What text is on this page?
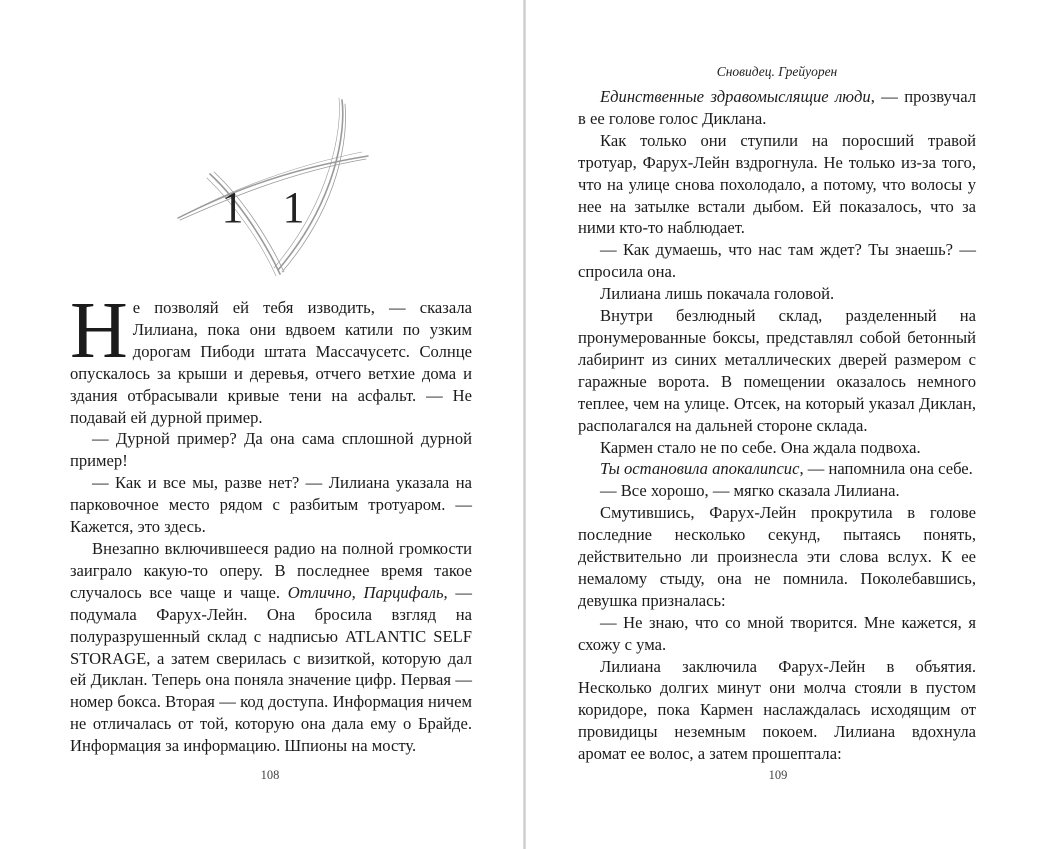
1 1

Не позволяй ей тебя изводить, — сказала Лилиана, пока они вдвоем катили по узким дорогам Пибоди штата Массачусетс. Солнце опускалось за крыши и деревья, отчего ветхие дома и здания отбрасывали кривые тени на асфальт. — Не подавай ей дурной пример.

— Дурной пример? Да она сама сплошной дурной пример!

— Как и все мы, разве нет? — Лилиана указала на парковочное место рядом с разбитым тротуаром. — Кажется, это здесь.

Внезапно включившееся радио на полной громкости заиграло какую-то оперу. В последнее время такое случалось все чаще и чаще. Отлично, Парцифаль, — подумала Фарух-Лейн. Она бросила взгляд на полуразрушенный склад с надписью ATLANTIC SELF STORAGE, а затем сверилась с визиткой, которую дал ей Диклан. Теперь она поняла значение цифр. Первая — номер бокса. Вторая — код доступа. Информация ничем не отличалась от той, которую она дала ему о Брайде. Информация за информацию. Шпионы на мосту.

108
Сновидец. Грейуорен

Единственные здравомыслящие люди, — прозвучал в ее голове голос Диклана.

Как только они ступили на поросший травой тротуар, Фарух-Лейн вздрогнула. Не только из-за того, что на улице снова похолодало, а потому, что волосы у нее на затылке встали дыбом. Ей показалось, что за ними кто-то наблюдает.

— Как думаешь, что нас там ждет? Ты знаешь? — спросила она.

Лилиана лишь покачала головой.

Внутри безлюдный склад, разделенный на пронумерованные боксы, представлял собой бетонный лабиринт из синих металлических дверей размером с гаражные ворота. В помещении оказалось немного теплее, чем на улице. Отсек, на который указал Диклан, располагался на дальней стороне склада.

Кармен стало не по себе. Она ждала подвоха.

Ты остановила апокалипсис, — напомнила она себе.

— Все хорошо, — мягко сказала Лилиана.

Смутившись, Фарух-Лейн прокрутила в голове последние несколько секунд, пытаясь понять, действительно ли произнесла эти слова вслух. К ее немалому стыду, она не помнила. Поколебавшись, девушка призналась:

— Не знаю, что со мной творится. Мне кажется, я схожу с ума.

Лилиана заключила Фарух-Лейн в объятия. Несколько долгих минут они молча стояли в пустом коридоре, пока Кармен наслаждалась исходящим от провидицы неземным покоем. Лилиана вдохнула аромат ее волос, а затем прошептала:

109
